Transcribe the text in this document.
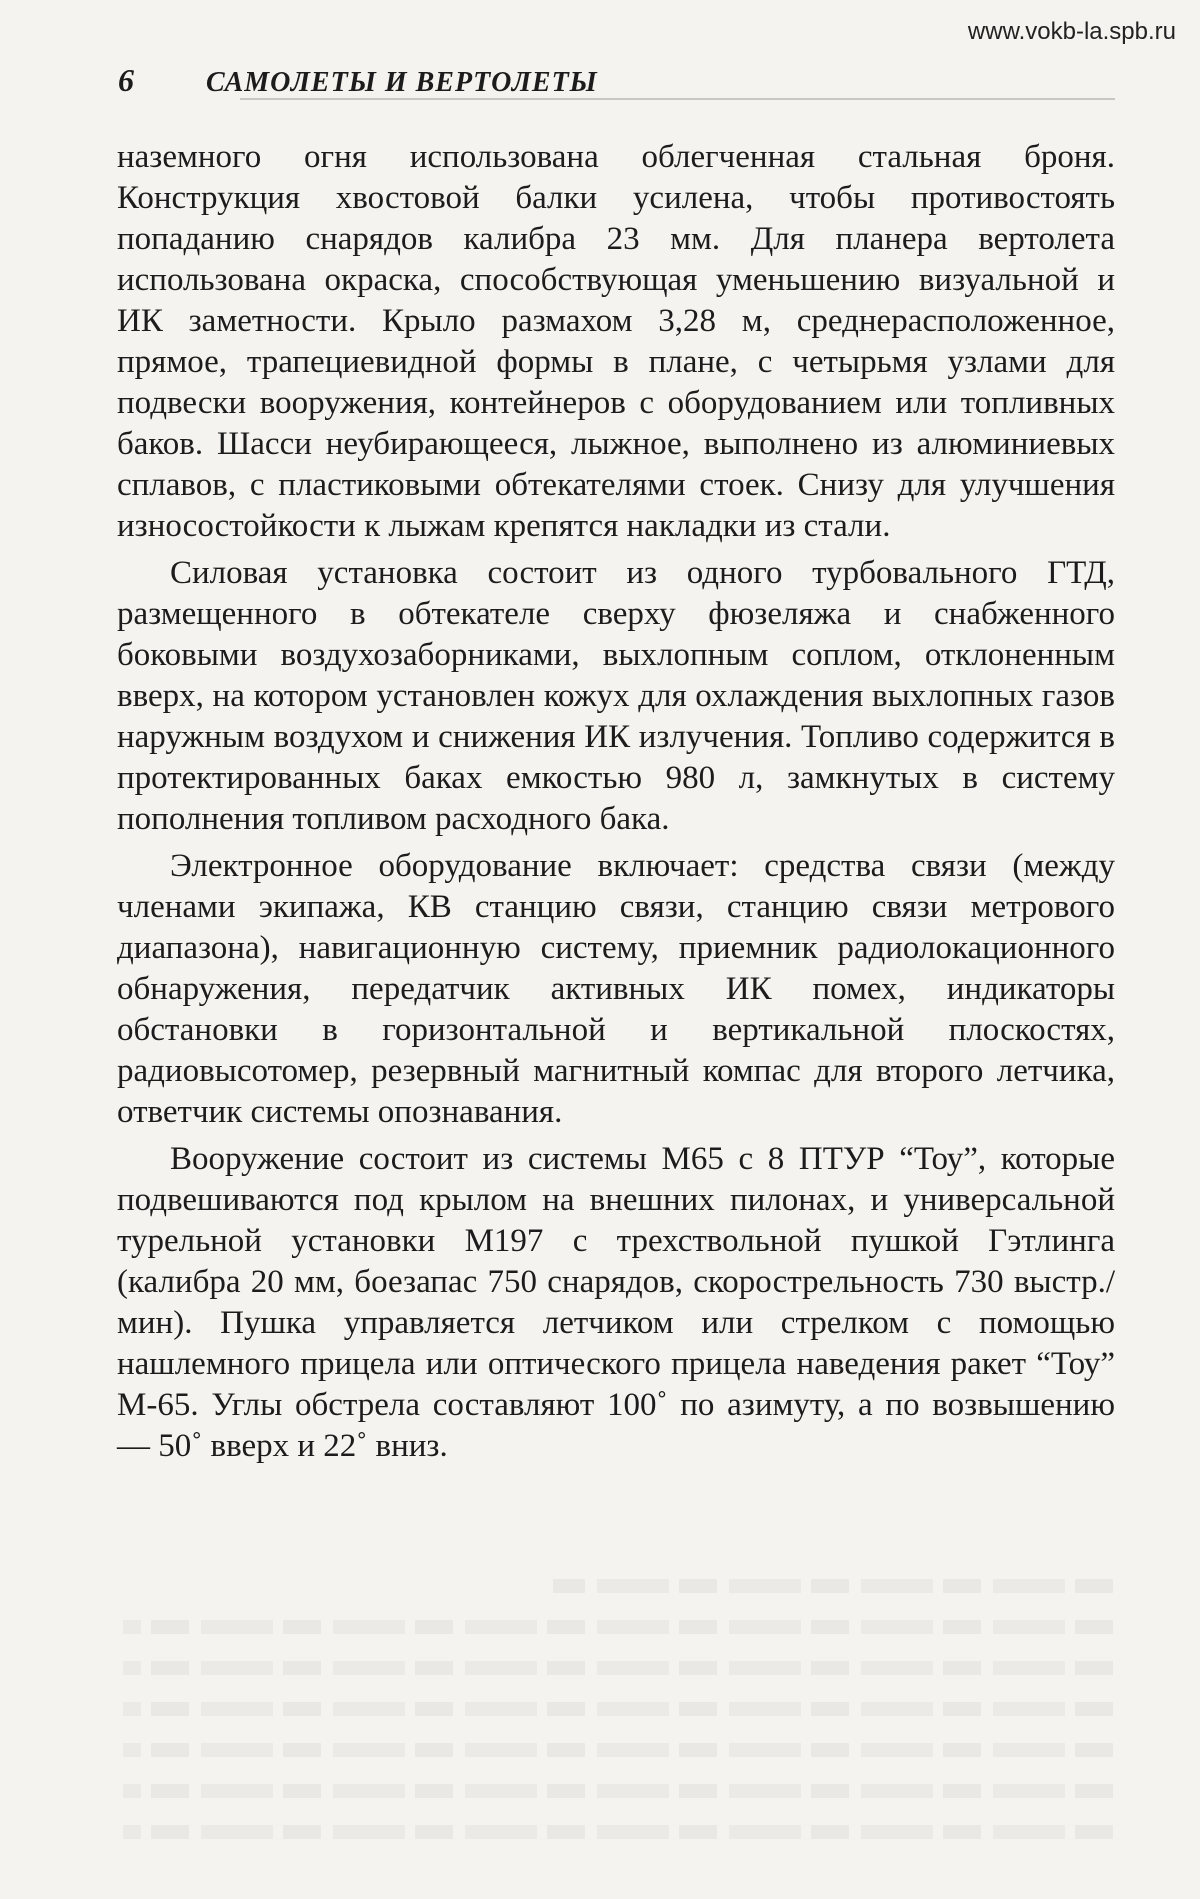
www.vokb-la.spb.ru
6	САМОЛЕТЫ И ВЕРТОЛЕТЫ

наземного огня использована облегченная стальная броня. Конструкция хвостовой балки усилена, чтобы противостоять попаданию снарядов калибра 23 мм. Для планера вертолета использована окраска, способствующая уменьшению визуальной и ИК заметности. Крыло размахом 3,28 м, среднерасположенное, прямое, трапециевидной формы в плане, с четырьмя узлами для подвески вооружения, контейнеров с оборудованием или топливных баков. Шасси неубирающееся, лыжное, выполнено из алюминиевых сплавов, с пластиковыми обтекателями стоек. Снизу для улучшения износостойкости к лыжам крепятся накладки из стали.

Силовая установка состоит из одного турбовального ГТД, размещенного в обтекателе сверху фюзеляжа и снабженного боковыми воздухозаборниками, выхлопным соплом, отклоненным вверх, на котором установлен кожух для охлаждения выхлопных газов наружным воздухом и снижения ИК излучения. Топливо содержится в протектированных баках емкостью 980 л, замкнутых в систему пополнения топливом расходного бака.

Электронное оборудование включает: средства связи (между членами экипажа, КВ станцию связи, станцию связи метрового диапазона), навигационную систему, приемник радиолокационного обнаружения, передатчик активных ИК помех, индикаторы обстановки в горизонтальной и вертикальной плоскостях, радиовысотомер, резервный магнитный компас для второго летчика, ответчик системы опознавания.

Вооружение состоит из системы М65 с 8 ПТУР “Тоу”, которые подвешиваются под крылом на внешних пилонах, и универсальной турельной установки М197 с трехствольной пушкой Гэтлинга (калибра 20 мм, боезапас 750 снарядов, скорострельность 730 выстр./мин). Пушка управляется летчиком или стрелком с помощью нашлемного прицела или оптического прицела наведения ракет “Тоу” М-65. Углы обстрела составляют 100˚ по азимуту, а по возвышению — 50˚ вверх и 22˚ вниз.
